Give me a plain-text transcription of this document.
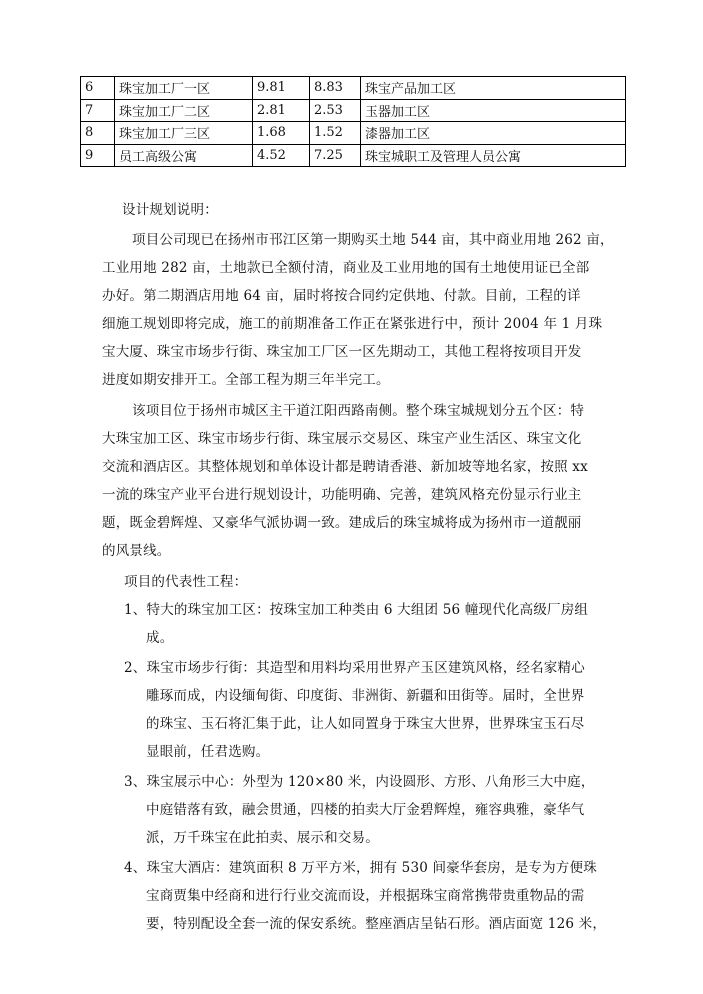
6	珠宝加工厂一区	9.81	8.83	珠宝产品加工区
7	珠宝加工厂二区	2.81	2.53	玉器加工区
8	珠宝加工厂三区	1.68	1.52	漆器加工区
9	员工高级公寓	4.52	7.25	珠宝城职工及管理人员公寓
设计规划说明：
项目公司现已在扬州市邗江区第一期购买土地 544 亩，其中商业用地 262 亩，
工业用地 282 亩，土地款已全额付清，商业及工业用地的国有土地使用证已全部
办好。第二期酒店用地 64 亩，届时将按合同约定供地、付款。目前，工程的详
细施工规划即将完成，施工的前期准备工作正在紧张进行中，预计 2004 年 1 月珠
宝大厦、珠宝市场步行街、珠宝加工厂区一区先期动工，其他工程将按项目开发
进度如期安排开工。全部工程为期三年半完工。
该项目位于扬州市城区主干道江阳西路南侧。整个珠宝城规划分五个区：特
大珠宝加工区、珠宝市场步行街、珠宝展示交易区、珠宝产业生活区、珠宝文化
交流和酒店区。其整体规划和单体设计都是聘请香港、新加坡等地名家，按照 xx
一流的珠宝产业平台进行规划设计，功能明确、完善，建筑风格充份显示行业主
题，既金碧辉煌、又豪华气派协调一致。建成后的珠宝城将成为扬州市一道靓丽
的风景线。
项目的代表性工程：
1、特大的珠宝加工区：按珠宝加工种类由 6 大组团 56 幢现代化高级厂房组
成。
2、珠宝市场步行街：其造型和用料均采用世界产玉区建筑风格，经名家精心
雕琢而成，内设缅甸街、印度街、非洲街、新疆和田街等。届时，全世界
的珠宝、玉石将汇集于此，让人如同置身于珠宝大世界，世界珠宝玉石尽
显眼前，任君选购。
3、珠宝展示中心：外型为 120×80 米，内设圆形、方形、八角形三大中庭，
中庭错落有致，融会贯通，四楼的拍卖大厅金碧辉煌，雍容典雅，豪华气
派，万千珠宝在此拍卖、展示和交易。
4、珠宝大酒店：建筑面积 8 万平方米，拥有 530 间豪华套房，是专为方便珠
宝商贾集中经商和进行行业交流而设，并根据珠宝商常携带贵重物品的需
要，特别配设全套一流的保安系统。整座酒店呈钻石形。酒店面宽 126 米，
